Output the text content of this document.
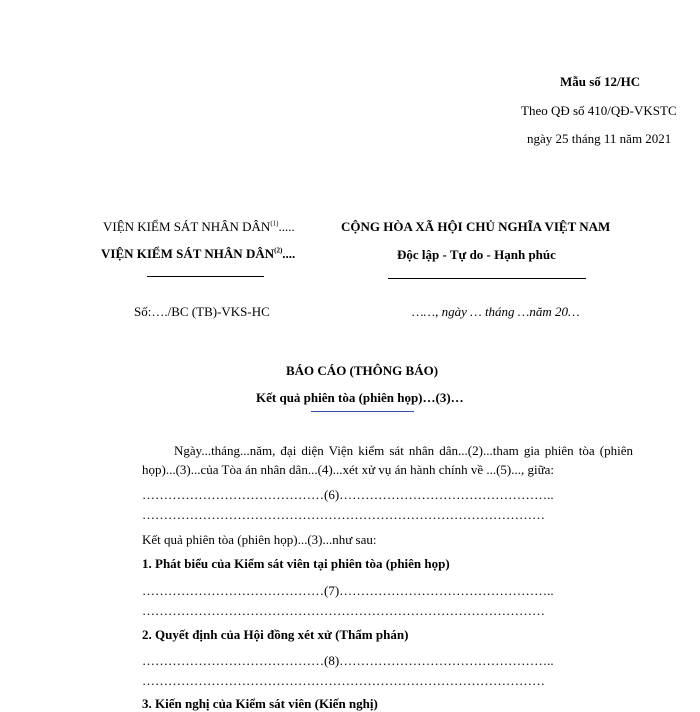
Mẫu số 12/HC
Theo QĐ số 410/QĐ-VKSTC
ngày 25 tháng 11 năm 2021
VIỆN KIỂM SÁT NHÂN DÂN$^{(1)}$.....
VIỆN KIỂM SÁT NHÂN DÂN$^{(2)}$....
CỘNG HÒA XÃ HỘI CHỦ NGHĨA VIỆT NAM
Độc lập - Tự do - Hạnh phúc
Số:…./BC (TB)-VKS-HC	……, ngày … tháng …năm 20…
BÁO CÁO (THÔNG BÁO)
Kết quả phiên tòa (phiên họp)…(3)…
Ngày...tháng...năm, đại diện Viện kiểm sát nhân dân...(2)...tham gia phiên tòa (phiên họp)...(3)...của Tòa án nhân dân...(4)...xét xử vụ án hành chính về ...(5)..., giữa:
……………………………………(6)…………………………………………..
…………………………………………………………………………………
Kết quả phiên tòa (phiên họp)...(3)...như sau:
1. Phát biểu của Kiểm sát viên tại phiên tòa (phiên họp)
……………………………………(7)…………………………………………..
…………………………………………………………………………………
2. Quyết định của Hội đồng xét xử (Thẩm phán)
……………………………………(8)…………………………………………..
…………………………………………………………………………………
3. Kiến nghị của Kiểm sát viên (Kiến nghị)
